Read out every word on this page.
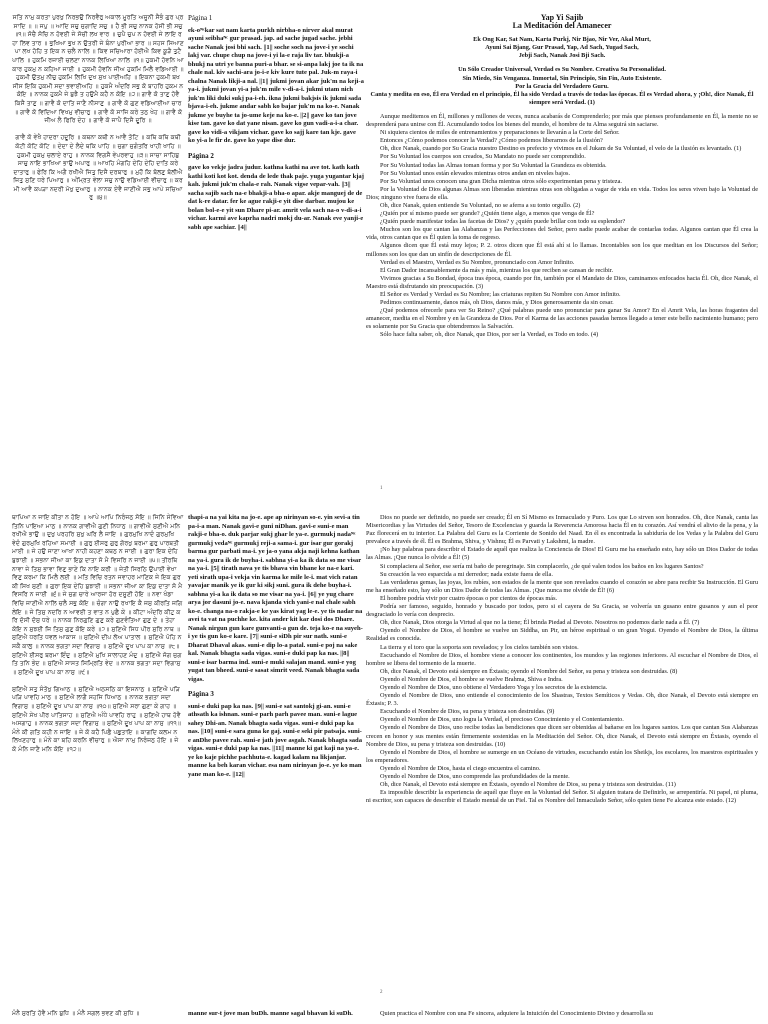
ਸਤਿ ਨਾਮੁ ਕਰਤਾ ਪੁਰਖੁ ਨਿਰਭਉ ਨਿਰਵੈਰੁ ਅਕਾਲ ਮੂਰਤਿ ਅਜੂਨੀ ਸੈਭੰ ਗੁਰ ਪ੍ਰਸਾਦਿ ॥ ॥ ਜਪੁ ॥ ਆਦਿ ਸਚੁ ਜੁਗਾਦਿ ਸਚੁ ॥ ਹੈ ਭੀ ਸਚੁ ਨਾਨਕ ਹੋਸੀ ਭੀ ਸਚੁ ॥੧॥ ਸੋਚੈ ਸੋਚਿ ਨ ਹੋਵਈ ਜੇ ਸੋਚੀ ਲਖ ਵਾਰ ॥ ਚੁਪੈ ਚੁਪ ਨ ਹੋਵਈ ਜੇ ਲਾਇ ਰਹਾ ਲਿਵ ਤਾਰ ॥ ਭੁਖਿਆ ਭੁਖ ਨ ਉਤਰੀ ਜੇ ਬੰਨਾ ਪੁਰੀਆ ਭਾਰ ॥ ਸਹਸ ਸਿਆਣਪਾ ਲਖ ਹੋਹਿ ਤ ਇਕ ਨ ਚਲੈ ਨਾਲਿ ॥ ਕਿਵ ਸਚਿਆਰਾ ਹੋਈਐ ਕਿਵ ਕੂੜੈ ਤੁਟੈ ਪਾਲਿ ॥ ਹੁਕਮਿ ਰਜਾਈ ਚਲਣਾ ਨਾਨਕ ਲਿਖਿਆ ਨਾਲਿ ॥੧॥ ਹੁਕਮੀ ਹੋਵਨਿ ਆਕਾਰ ਹੁਕਮੁ ਨ ਕਹਿਆ ਜਾਈ ॥ ਹੁਕਮੀ ਹੋਵਨਿ ਜੀਅ ਹੁਕਮਿ ਮਿਲੈ ਵਡਿਆਈ ॥ ਹੁਕਮੀ ਉਤਮੁ ਨੀਚੁ ਹੁਕਮਿ ਲਿਖਿ ਦੁਖ ਸੁਖ ਪਾਈਅਹਿ ॥ ਇਕਨਾ ਹੁਕਮੀ ਬਖਸੀਸ ਇਕਿ ਹੁਕਮੀ ਸਦਾ ਭਵਾਈਅਹਿ ॥ ਹੁਕਮੈ ਅੰਦਰਿ ਸਭੁ ਕੋ ਬਾਹਰਿ ਹੁਕਮ ਨ ਕੋਇ ॥ ਨਾਨਕ ਹੁਕਮੈ ਜੇ ਬੁਝੈ ਤ ਹਉਮੈ ਕਹੈ ਨ ਕੋਇ ॥੨॥ ਗਾਵੈ ਕੋ ਤਾਣੁ ਹੋਵੈ ਕਿਸੈ ਤਾਣੁ ॥ ਗਾਵੈ ਕੋ ਦਾਤਿ ਜਾਣੈ ਨੀਸਾਣੁ ॥ ਗਾਵੈ ਕੋ ਗੁਣ ਵਡਿਆਈਆ ਚਾਰ ॥ ਗਾਵੈ ਕੋ ਵਿਦਿਆ ਵਿਖਮੁ ਵੀਚਾਰੁ ॥ ਗਾਵੈ ਕੋ ਸਾਜਿ ਕਰੇ ਤਨੁ ਖੇਹ ॥ ਗਾਵੈ ਕੋ ਜੀਅ ਲੈ ਫਿਰਿ ਦੇਹ ॥ ਗਾਵੈ ਕੋ ਜਾਪੈ ਦਿਸੈ ਦੂਰਿ ॥

ਗਾਵੈ ਕੋ ਵੇਖੈ ਹਾਦਰਾ ਹਦੂਰਿ ॥ ਕਥਨਾ ਕਥੀ ਨ ਆਵੈ ਤੋਟਿ ॥ ਕਥਿ ਕਥਿ ਕਥੀ ਕੋਟੀ ਕੋਟਿ ਕੋਟਿ ॥ ਦੇਦਾ ਦੇ ਲੈਦੇ ਥਕਿ ਪਾਹਿ ॥ ਜੁਗਾ ਜੁਗੰਤਰਿ ਖਾਹੀ ਖਾਹਿ ॥ ਹੁਕਮੀ ਹੁਕਮੁ ਚਲਾਏ ਰਾਹੁ ॥ ਨਾਨਕ ਵਿਗਸੈ ਵੇਪਰਵਾਹੁ ॥੩॥ ਸਾਚਾ ਸਾਹਿਬੁ ਸਾਚੁ ਨਾਇ ਭਾਖਿਆ ਭਾਉ ਅਪਾਰੁ ॥ ਆਖਹਿ ਮੰਗਹਿ ਦੇਹਿ ਦੇਹਿ ਦਾਤਿ ਕਰੇ ਦਾਤਾਰੁ ॥ ਫੇਰਿ ਕਿ ਅਗੈ ਰਖੀਐ ਜਿਤੁ ਦਿਸੈ ਦਰਬਾਰੁ ॥ ਮੁਹੌ ਕਿ ਬੋਲਣੁ ਬੋਲੀਐ ਜਿਤੁ ਸੁਣਿ ਧਰੇ ਪਿਆਰੁ ॥ ਅੰਮ੍ਰਿਤ ਵੇਲਾ ਸਚੁ ਨਾਉ ਵਡਿਆਈ ਵੀਚਾਰੁ ॥ ਕਰਮੀ ਆਵੈ ਕਪੜਾ ਨਦਰੀ ਮੋਖੁ ਦੁਆਰੁ ॥ ਨਾਨਕ ਏਵੈ ਜਾਣੀਐ ਸਭੁ ਆਪੇ ਸਚਿਆਰੁ ॥੪॥
Página 1
ek-oᴺᶜkar sat nam karta purkh nirbha-o nirver akal murat ayuni seibhaᴺᶜ gur prasad. jap. ad sache jugad sache. jebhi sache Nanak josi bhi sach. ||1|| soche soch na jove-i ye sochi lakj var. chupe chup na jove-i yi la-e raja liv tar. bhukji-a bhukj na utri ye banna puri-a bhar. se si-anpa lakj joe ta ik na chale nal. kiv sachi-ara jo-i-e kiv kure tute pal. Juk-m raya-i chalna Nanak likji-a nal. ||1|| jukmi jovan akar juk'm na keji-a ya-i. jukmi jovan yi-a juk'm mile v-di-a-i. jukmi utam nich juk'm liki duki sukj pa-i-eh. ikna jukmi bakjsis ik jukmi sada bjava-i-eh. jukme andar sabh ko bajar juk'm na ko-e. Nanak jukme ye buyhe ta jo-ume keje na ko-e. ||2|| gave ko tan jove kise tan. gave ko dat yane nisan. gave ko gun vadi-a-i-a char. gave ko vidi-a vikjam vichar. gave ko sajj kare tan kje. gave ko yi-a le fir de. gave ko yape dise dur.
Página 2
gave ko vekje jadra judur. kathna kathi na ave tot. kath kath kathi koti kot kot. denda de lede thak paje. yuga yugantar kjaj kah. jukmi juk'm chala-e rah. Nanak vigse vepar-vah. ||3|| sacha sajib sach na-e bhakji-a bha-o apar. akje manguej de de dat k-re datar. fer ke ague rakji-e yit dise darbar. mujou ke bolan bol-e-e yit sun Dhare pi-ar. amrit vela sach na-o v-di-a-i vichar. karmi ave kaprha nadri mokj du-ar. Nanak eve yanji-e sabh ape sachiar. ||4||
Yap Yi Sajib
La Meditación del Amanecer
Ek Ong Kar, Sat Nam, Karta Purkj, Nir Bjao, Nir Ver, Akal Murt,
Ayuni Sai Bjang, Gur Prasad, Yap, Ad Sach, Yugad Sach,
Jebji Sach, Nanak Josi Bji Sach.
Un Sólo Creador Universal, Verdad es Su Nombre. Creativa Su Personalidad.
Sin Miedo, Sin Venganza. Inmortal, Sin Principio, Sin Fin, Auto Existente.
Por la Gracia del Verdadero Guru.
Canta y medita en eso, Él era Verdad en el principio, Él ha sido Verdad a través de todas las épocas. Él es Verdad ahora, y ¡Oh!, dice Nanak, Él siempre será Verdad. (1)

Aunque meditemos en Él, millones y millones de veces, nunca acabarás de Comprenderlo; por más que pienses profundamente en Él, la mente no se desprenderá para unirse con Él. Acumulando todos los bienes del mundo, el hombre de tu Alma seguirá sin saciarse.

Ni siquiera cientos de miles de entrenamientos y preparaciones te llevarán a la Corte del Señor.

Entonces ¿Cómo podemos conocer la Verdad? ¿Cómo podemos liberarnos de la ilusión?

Oh, dice Nanak, cuando por Su Gracia nuestro Destino es prefecto y vivimos en el Jukam de Su Voluntad, el velo de la ilusión es levantado. (1)

Por Su Voluntad los cuerpos son creados, Su Mandato no puede ser comprendido.

Por Su Voluntad todas las Almas toman forma y por Su Voluntad la Grandeza es obtenida.

Por Su Voluntad unos están elevados mientras otros andan en niveles bajos.

Por Su Voluntad unos conocen una gran Dicha mientras otros sólo experimentan pena y tristeza.

Por la Voluntad de Dios algunas Almas son liberadas mientras otras son obligadas a vagar de vida en vida. Todos los seres viven bajo la Voluntad de Dios; ninguno vive fuera de ella.

Oh, dice Nanak, quien entiende Su Voluntad, no se aferra a su tonto orgullo. (2)

¿Quién por sí mismo puede ser grande? ¿Quién tiene algo, a menos que venga de Él?

¿Quién puede manifestar todas las facetas de Dios? y ¿quién puede brillar con todo su esplendor?

Muchos son los que cantan las Alabanzas y las Perfecciones del Señor, pero nadie puede acabar de contarlas todas. Algunos cantan que Él crea la vida, otros cantan que es Él quien la toma de regreso.

Algunos dicen que Él está muy lejos; P. 2. otros dicen que Él está ahí si lo llamas. Incontables son los que meditan en los Discursos del Señor; millones son los que dan un sinfín de descripciones de Él.

Verdad es el Maestro, Verdad es Su Nombre, pronunciado con Amor Infinito.

El Gran Dador incansablemente da más y más, mientras los que reciben se cansan de recibir.

Vivimos gracias a Su Bondad, época tras época, cuando por fin, también por el Mandato de Dios, caminamos enfocados hacia Él. Oh, dice Nanak, el Maestro está disfrutando sin preocupación. (3)

El Señor es Verdad y Verdad es Su Nombre; las criaturas repiten Su Nombre con Amor infinito.

Pedimos continuamente, danos más, oh Dios, danos más, y Dios generosamente da sin cesar.

¿Qué podemos ofrecerle para ver Su Reino? ¿Qué palabras puede uno pronunciar para ganar Su Amor? En el Amrit Vela, las horas fragantes del amanecer, medita en el Nombre y en la Grandeza de Dios. Por el Karma de las acciones pasadas hemos llegado a tener este bello nacimiento humano; pero es solamente por Su Gracia que obtendremos la Salvación.

Sólo hace falta saber, oh, dice Nanak, que Dios, por ser la Verdad, es Todo en todo. (4)

1
ਥਾਪਿਆ ਨ ਜਾਇ ਕੀਤਾ ਨ ਹੋਇ ॥ ਆਪੇ ਆਪਿ ਨਿਰੰਜਨੁ ਸੋਇ ॥ ਜਿਨਿ ਸੇਵਿਆ ਤਿਨਿ ਪਾਇਆ ਮਾਨੁ ॥ ਨਾਨਕ ਗਾਵੀਐ ਗੁਣੀ ਨਿਧਾਨੁ ॥ ਗਾਵੀਐ ਸੁਣੀਐ ਮਨਿ ਰਖੀਐ ਭਾਉ ॥ ਦੁਖੁ ਪਰਹਰਿ ਸੁਖੁ ਘਰਿ ਲੈ ਜਾਇ ॥ ਗੁਰਮੁਖਿ ਨਾਦੰ ਗੁਰਮੁਖਿ ਵੇਦੰ ਗੁਰਮੁਖਿ ਰਹਿਆ ਸਮਾਈ ॥ ਗੁਰੁ ਈਸਰੁ ਗੁਰੁ ਗੋਰਖੁ ਬਰਮਾ ਗੁਰੁ ਪਾਰਬਤੀ ਮਾਈ ॥ ਜੇ ਹਉ ਜਾਣਾ ਆਖਾ ਨਾਹੀ ਕਹਣਾ ਕਥਨੁ ਨ ਜਾਈ ॥ ਗੁਰਾ ਇਕ ਦੇਹਿ ਬੁਝਾਈ ॥ ਸਭਨਾ ਜੀਆ ਕਾ ਇਕੁ ਦਾਤਾ ਸੋ ਮੈ ਵਿਸਰਿ ਨ ਜਾਈ ॥੫॥ ਤੀਰਥਿ ਨਾਵਾ ਜੇ ਤਿਸੁ ਭਾਵਾ ਵਿਣੁ ਭਾਣੇ ਕਿ ਨਾਇ ਕਰੀ ॥ ਜੇਤੀ ਸਿਰਠਿ ਉਪਾਈ ਵੇਖਾ ਵਿਣੁ ਕਰਮਾ ਕਿ ਮਿਲੈ ਲਈ ॥ ਮਤਿ ਵਿਚਿ ਰਤਨ ਜਵਾਹਰ ਮਾਣਿਕ ਜੇ ਇਕ ਗੁਰ ਕੀ ਸਿਖ ਸੁਣੀ ॥ ਗੁਰਾ ਇਕ ਦੇਹਿ ਬੁਝਾਈ ॥ ਸਭਨਾ ਜੀਆ ਕਾ ਇਕੁ ਦਾਤਾ ਸੋ ਮੈ ਵਿਸਰਿ ਨ ਜਾਈ ॥੬॥ ਜੇ ਜੁਗ ਚਾਰੇ ਆਰਜਾ ਹੋਰ ਦਸੂਣੀ ਹੋਇ ॥ ਨਵਾ ਖੰਡਾ ਵਿਚਿ ਜਾਣੀਐ ਨਾਲਿ ਚਲੈ ਸਭੁ ਕੋਇ ॥ ਚੰਗਾ ਨਾਉ ਰਖਾਇ ਕੈ ਜਸੁ ਕੀਰਤਿ ਜਗਿ ਲੇਇ ॥ ਜੇ ਤਿਸੁ ਨਦਰਿ ਨ ਆਵਈ ਤ ਵਾਤ ਨ ਪੁਛੈ ਕੇ ॥ ਕੀਟਾ ਅੰਦਰਿ ਕੀਟੁ ਕਰਿ ਦੋਸੀ ਦੋਸੁ ਧਰੇ ॥ ਨਾਨਕ ਨਿਰਗੁਣਿ ਗੁਣੁ ਕਰੇ ਗੁਣਵੰਤਿਆ ਗੁਣੁ ਦੇ ॥ ਤੇਹਾ ਕੋਇ ਨ ਸੁਝਈ ਜਿ ਤਿਸੁ ਗੁਣੁ ਕੋਇ ਕਰੇ ॥੭॥ ਸੁਣਿਐ ਸਿਧ ਪੀਰ ਸੁਰਿ ਨਾਥ ॥ ਸੁਣਿਐ ਧਰਤਿ ਧਵਲ ਆਕਾਸ ॥ ਸੁਣਿਐ ਦੀਪ ਲੋਅ ਪਾਤਾਲ ॥ ਸੁਣਿਐ ਪੋਹਿ ਨ ਸਕੈ ਕਾਲੁ ॥ ਨਾਨਕ ਭਗਤਾ ਸਦਾ ਵਿਗਾਸੁ ॥ ਸੁਣਿਐ ਦੂਖ ਪਾਪ ਕਾ ਨਾਸੁ ॥੮॥ ਸੁਣਿਐ ਈਸਰੁ ਬਰਮਾ ਇੰਦੁ ॥ ਸੁਣਿਐ ਮੁਖਿ ਸਾਲਾਹਣ ਮੰਦੁ ॥ ਸੁਣਿਐ ਜੋਗ ਜੁਗਤਿ ਤਨਿ ਭੇਦ ॥ ਸੁਣਿਐ ਸਾਸਤ ਸਿਮ੍ਰਿਤਿ ਵੇਦ ॥ ਨਾਨਕ ਭਗਤਾ ਸਦਾ ਵਿਗਾਸੁ ॥ ਸੁਣਿਐ ਦੂਖ ਪਾਪ ਕਾ ਨਾਸੁ ॥੯॥

ਸੁਣਿਐ ਸਤੁ ਸੰਤੋਖੁ ਗਿਆਨੁ ॥ ਸੁਣਿਐ ਅਠਸਠਿ ਕਾ ਇਸਨਾਨੁ ॥ ਸੁਣਿਐ ਪੜਿ ਪੜਿ ਪਾਵਹਿ ਮਾਨੁ ॥ ਸੁਣਿਐ ਲਾਗੈ ਸਹਜਿ ਧਿਆਨੁ ॥ ਨਾਨਕ ਭਗਤਾ ਸਦਾ ਵਿਗਾਸੁ ॥ ਸੁਣਿਐ ਦੂਖ ਪਾਪ ਕਾ ਨਾਸੁ ॥੧੦॥ ਸੁਣਿਐ ਸਰਾ ਗੁਣਾ ਕੇ ਗਾਹ ॥ ਸੁਣਿਐ ਸੇਖ ਪੀਰ ਪਾਤਿਸਾਹ ॥ ਸੁਣਿਐ ਅੰਧੇ ਪਾਵਹਿ ਰਾਹੁ ॥ ਸੁਣਿਐ ਹਾਥ ਹੋਵੈ ਅਸਗਾਹੁ ॥ ਨਾਨਕ ਭਗਤਾ ਸਦਾ ਵਿਗਾਸੁ ॥ ਸੁਣਿਐ ਦੂਖ ਪਾਪ ਕਾ ਨਾਸੁ ॥੧੧॥ ਮੰਨੇ ਕੀ ਗਤਿ ਕਹੀ ਨ ਜਾਇ ॥ ਜੇ ਕੋ ਕਹੈ ਪਿਛੈ ਪਛੁਤਾਇ ॥ ਕਾਗਦਿ ਕਲਮ ਨ ਲਿਖਣਹਾਰੁ ॥ ਮੰਨੇ ਕਾ ਬਹਿ ਕਰਨਿ ਵੀਚਾਰੁ ॥ ਐਸਾ ਨਾਮੁ ਨਿਰੰਜਨੁ ਹੋਇ ॥ ਜੇ ਕੋ ਮੰਨਿ ਜਾਣੈ ਮਨਿ ਕੋਇ ॥੧੨॥
thapi-a na yai kita na jo-e. ape ap nirinyan so-e. yin sevi-a tin pa-i-a man. Nanak gavi-e guni niDhan. gavi-e suni-e man rakji-e bha-o. duk parjar sukj ghar le ya-e. gurmukj nadaᴺᶜ gurmukj vedaᴺᶜ gurmukj reji-a sama-i. gur isar gur gorakj barma gur parbati ma-i. ye ja-o yana akja naji kehna kathan na ya-i. gura ik de buyha-i. sabhna yi-a ka ik data so me visar na ya-i. ||5|| tirath nava ye tis bhava vin bhane ke na-e kari. yeti sirath upa-i vekja vin karma ke mile le-i. mat vich ratan yavajar manik ye ik gur ki sikj suni. gura ik dehe buyha-i. sabhna yi-a ka ik data so me visar na ya-i. ||6|| ye yug chare arya jor dasuni jo-e. nava kjanda vich yani-e nal chale sabh ko-e. changa na-o rakja-e ke yas kirat yag le-e. ye tis nadar na avei ta vat na puchhe ke. kita ander kit kar dosi dos Dhare. Nanak nirgun gun kare gunvanti-a gun de. teja ko-e na suyeh-i ye tis gun ko-e kare. ||7|| suni-e siDh pir sur nath. suni-e Dharat Dhaval akas. suni-e dip lo-a patal. suni-e poj na sake kal. Nanak bhagta sada vigas. suni-e duki pap ka nas. ||8|| suni-e isar barma ind. suni-e muki salajan mand. suni-e yog yugat tan bheed. suni-e sasat simrit veed. Nanak bhagta sada vigas.
Página 3
suni-e duki pap ka nas. ||9|| suni-e sat santokj gi-an. suni-e athsath ka ishnan. suni-e parh parh pavee man. suni-e lague sahey Dhi-an. Nanak bhagta sada vigas. suni-e duki pap ka nas. ||10|| suni-e sara guna ke gaj. suni-e seki pir patsaja. suni-e anDhe pavee rah. suni-e jath jove asgah. Nanak bhagta sada vigas. suni-e duki pap ka nas. ||11|| manne ki gat kaji na ya-e. ye ko kaje pichhe pachhuta-e. kagad kalam na likjanjar. manne ka beh karan vichar. esa nam nirinyan jo-e. ye ko man yane man ko-e. ||12||

Dios no puede ser definido, no puede ser creado; Él en Sí Mismo es Inmaculado y Puro. Los que Lo sirven son honrados. Oh, dice Nanak, canta las Misericordias y las Virtudes del Señor, Tesoro de Excelencias y guarda la Reverencia Amorosa hacia Él en tu corazón. Así vendrá el alivio de la pena, y la Paz florecerá en tu interior. La Palabra del Guru es la Corriente de Sonido del Naad. En él es encontrada la sabiduría de los Vedas y la Palabra del Guru prevalece a través de él. Él es Brahma, Shiva, y Vishnu; Él es Parvati y Lakshmi, la madre.

¡No hay palabras para describir el Estado de aquél que realiza la Conciencia de Dios! El Guru me ha enseñado esto, hay sólo un Dios Dador de todas las Almas. ¡Que nunca lo olvide a Él! (5)

Si complaciera al Señor, ese sería mi baño de peregrinaje. Sin complacerlo, ¿de qué valen todos los baños en los lugares Santos?

Su creación la veo esparcida a mi derredor; nada existe fuera de ella.

Las verdaderas gemas, las joyas, los rubíes, son estados de la mente que son revelados cuando el corazón se abre para recibir Su Instrucción. El Guru me ha enseñado esto, hay sólo un Dios Dador de todas las Almas. ¡Que nunca me olvide de Él! (6)

El hombre podría vivir por cuatro épocas o por cientos de épocas más.

Podría ser famoso, seguido, honrado y buscado por todos, pero si el cayera de Su Gracia, se volvería un gusano entre gusanos y aun el peor desgraciado lo vería con desprecio.

Oh, dice Nanak, Dios otorga la Virtud al que no la tiene; Él brinda Piedad al Devoto. Nosotros no podemos darle nada a Él. (7)

Oyendo el Nombre de Dios, el hombre se vuelve un Siddha, un Pir, un héroe espiritual o un gran Yogui. Oyendo el Nombre de Dios, la última Realidad es conocida.

La tierra y el toro que la soporta son revelados; y los cielos también son vistos.

Escuchando el Nombre de Dios, el hombre viene a conocer los continentes, los mundos y las regiones inferiores. Al escuchar el Nombre de Dios, el hombre se libera del tormento de la muerte.

Oh, dice Nanak, el Devoto está siempre en Éxtasis; oyendo el Nombre del Señor, su pena y tristeza son destruidas. (8)

Oyendo el Nombre de Dios, el hombre se vuelve Brahma, Shiva e Indra.

Oyendo el Nombre de Dios, uno obtiene el Verdadero Yoga y los secretos de la existencia.

Oyendo el Nombre de Dios, uno entiende el conocimiento de los Shastras, Textos Semíticos y Vedas. Oh, dice Nanak, el Devoto está siempre en Éxtasis; P. 3.

Escuchando el Nombre de Dios, su pena y tristeza son destruidas. (9)

Oyendo el Nombre de Dios, uno logra la Verdad, el precioso Conocimiento y el Contentamiento.

Oyendo el Nombre de Dios, uno recibe todas las bendiciones que dicen ser obtenidas al bañarse en los lugares santos. Los que cantan Sus Alabanzas crecen en honor y sus mentes están firmemente sostenidas en la Meditación del Señor. Oh, dice Nanak, el Devoto está siempre en Éxtasis, oyendo el Nombre de Dios, su pena y tristeza son destruidas. (10)

Oyendo el Nombre de Dios, el hombre se sumerge en un Océano de virtudes, escuchando están los Sheikjs, los escolares, los maestros espirituales y los emperadores.

Oyendo el Nombre de Dios, hasta el ciego encuentra el camino.

Oyendo el Nombre de Dios, uno comprende las profundidades de la mente.

Oh, dice Nanak, el Devoto está siempre en Éxtasis, oyendo el Nombre de Dios, su pena y tristeza son destruidas. (11)

Es imposible describir la experiencia de aquél que fluye en la Voluntad del Señor. Si alguien tratara de Definirlo, se arrepentiría. Ni papel, ni pluma, ni escritor, son capaces de describir el Estado mental de un Fiel. Tal es Nombre del Inmaculado Señor, sólo quien tiene Fe alcanza este estado. (12)

2
ਮੰਨੈ ਸੁਰਤਿ ਹੋਵੈ ਮਨਿ ਬੁਧਿ ॥ ਮੰਨੈ ਸਗਲ ਭਵਣ ਕੀ ਸੁਧਿ ॥	manne sur-t jove man buDh. manne sagal bhavan ki suDh.	Quien practica el Nombre con una Fe sincera, adquiere la Intuición del Conocimiento Divino y desarrolla su
